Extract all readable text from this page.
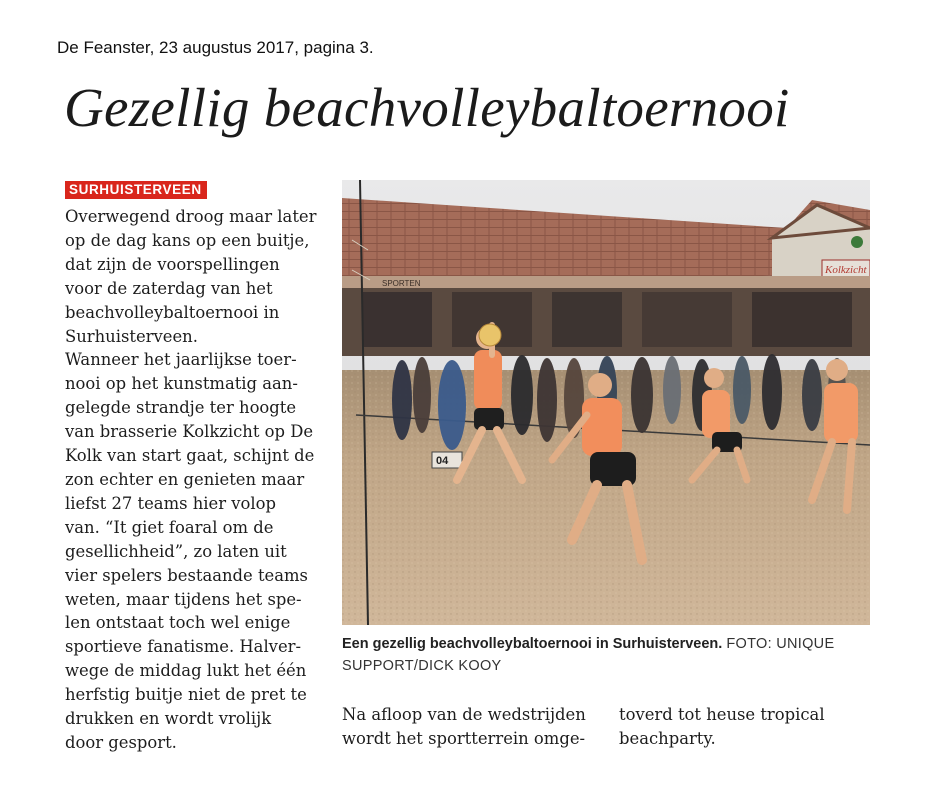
De Feanster, 23 augustus 2017, pagina 3.
Gezellig beachvolleybaltoernooi
SURHUISTERVEEN

Overwegend droog maar later
op de dag kans op een buitje,
dat zijn de voorspellingen
voor de zaterdag van het
beachvolleybaltoernooi in
Surhuisterveen.

Wanneer het jaarlijkse toer-
nooi op het kunstmatig aan-
gelegde strandje ter hoogte
van brasserie Kolkzicht op De
Kolk van start gaat, schijnt de
zon echter en genieten maar
liefst 27 teams hier volop
van. “It giet foaral om de
gesellichheid”, zo laten uit
vier spelers bestaande teams
weten, maar tijdens het spe-
len ontstaat toch wel enige
sportieve fanatisme. Halver-
wege de middag lukt het één
herfstig buitje niet de pret te
drukken en wordt vrolijk
door gesport.

Kolkzicht
SPORTEN
04
Een gezellig beachvolleybaltoernooi in Surhuisterveen. FOTO: UNIQUE
SUPPORT/DICK KOOY
Na afloop van de wedstrijden
wordt het sportterrein omge-
toverd tot heuse tropical
beachparty.
